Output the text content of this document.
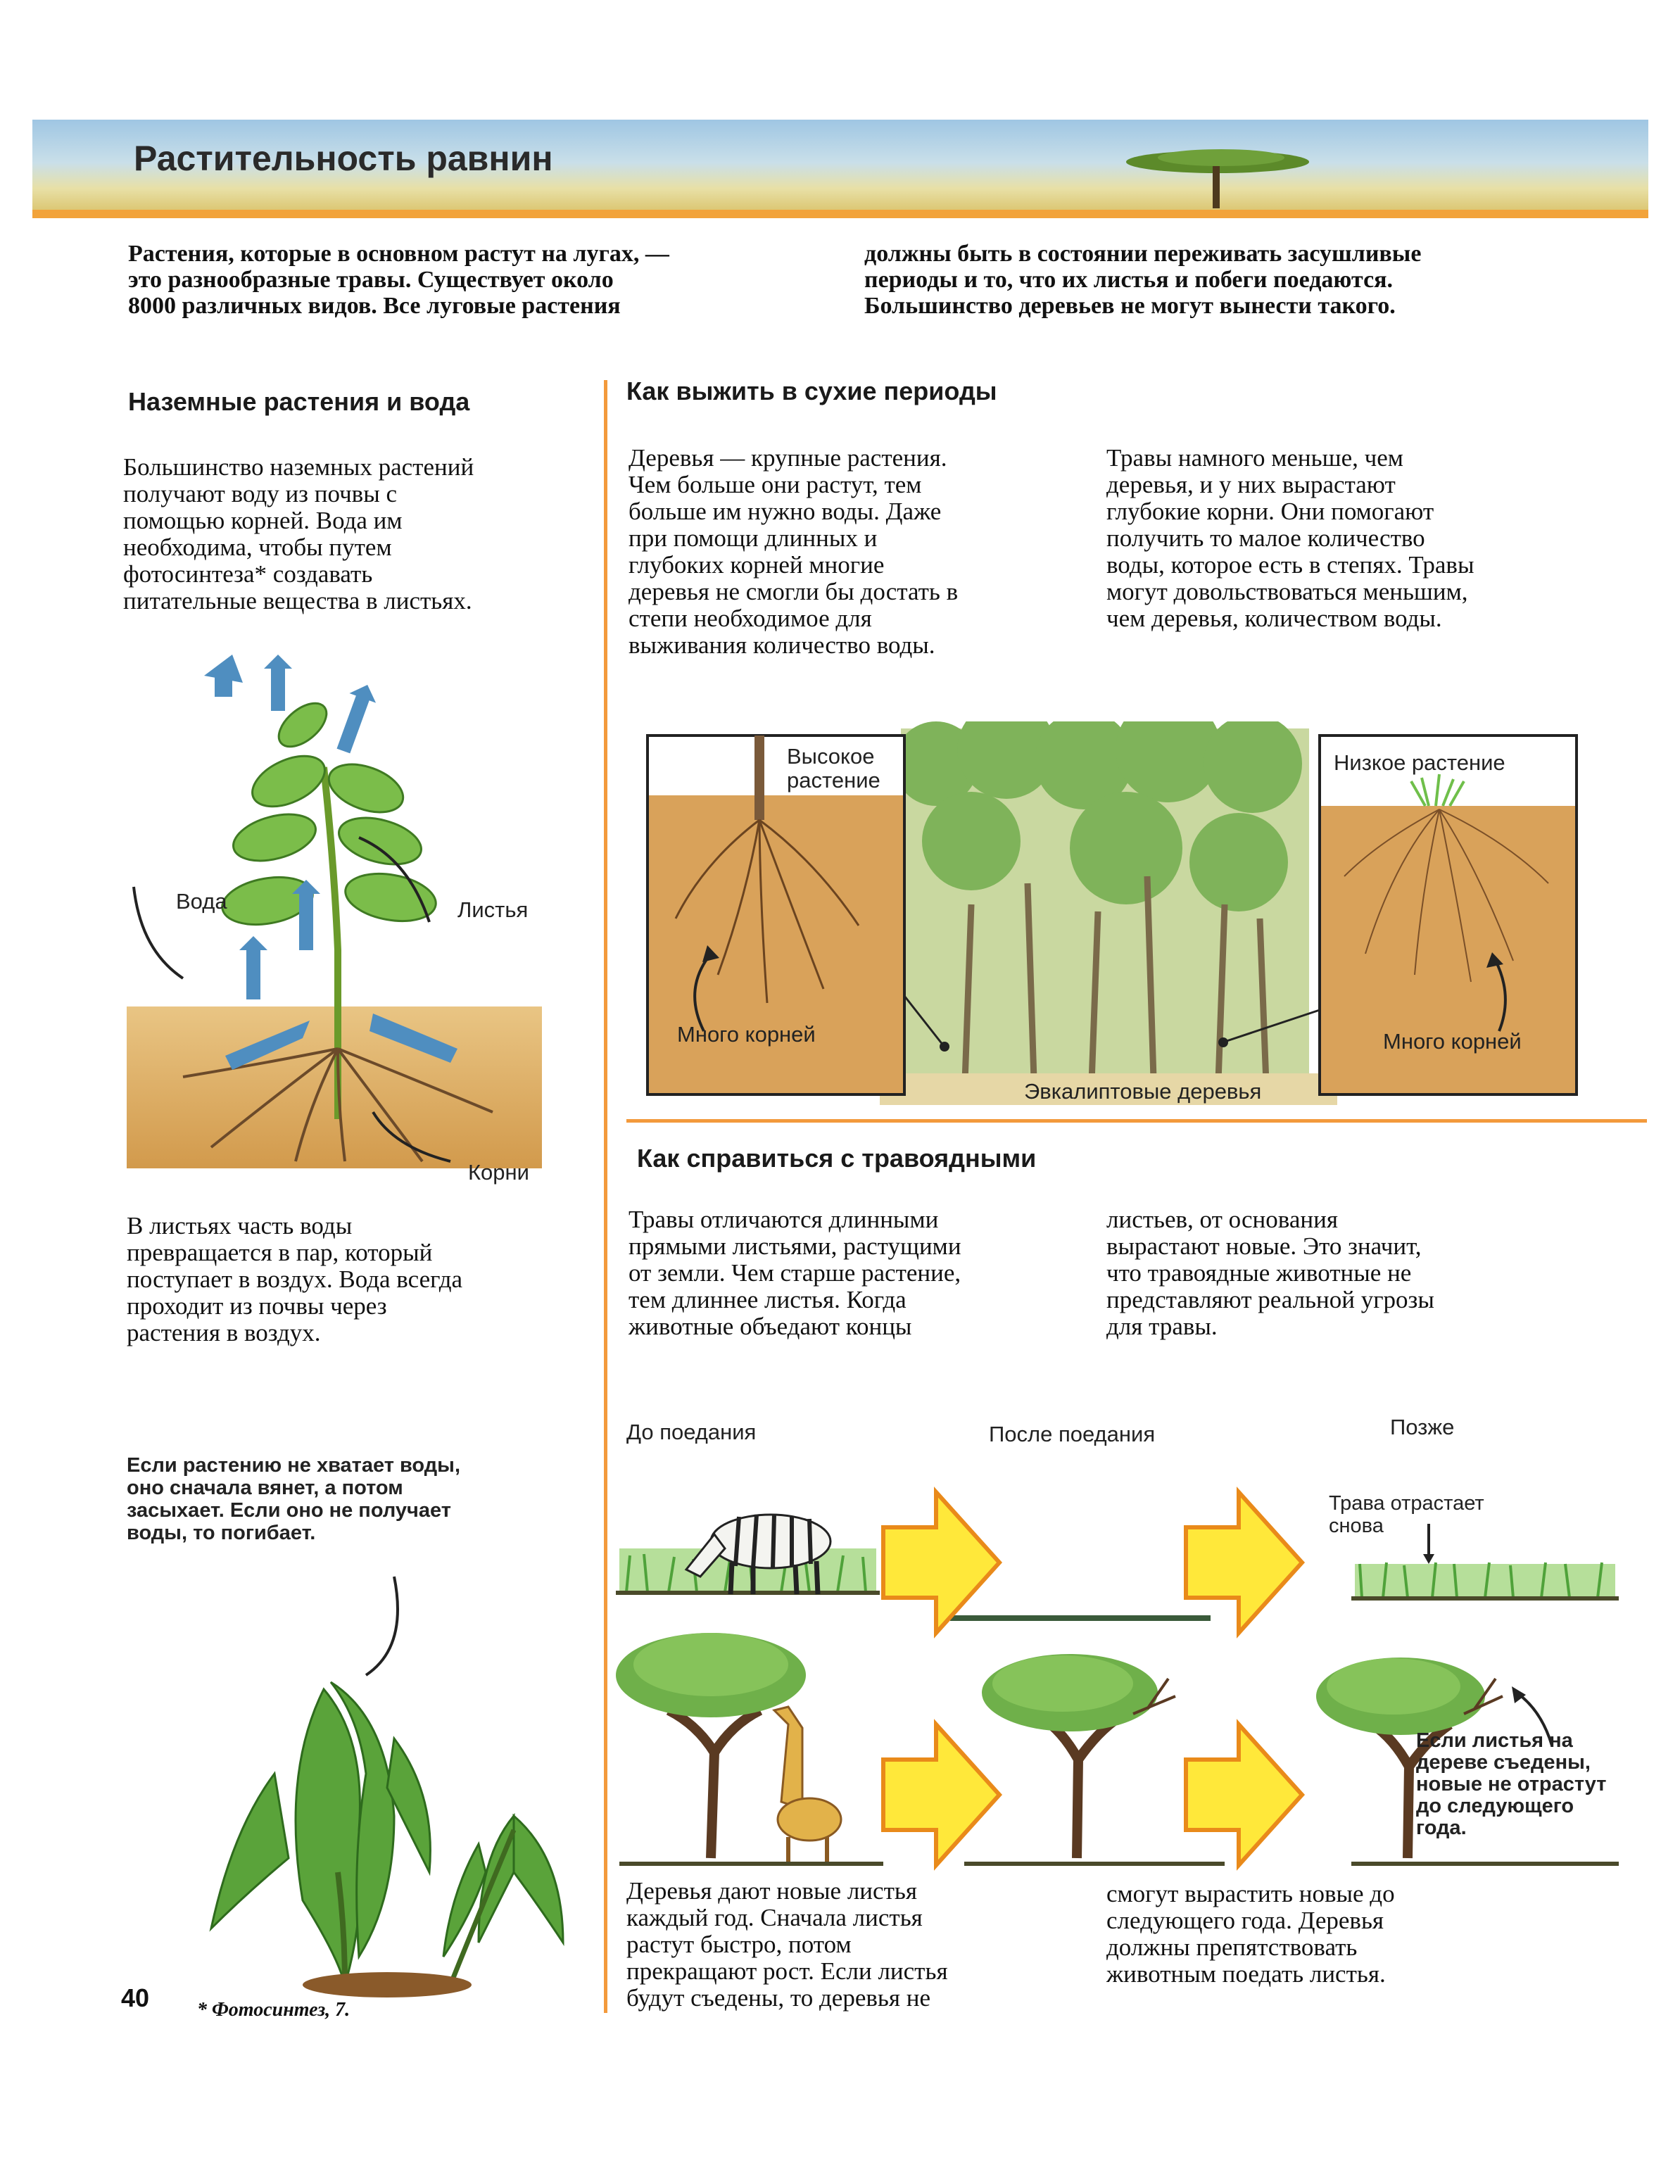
Растительность равнин
Растения, которые в основном растут на лугах, —
это разнообразные травы. Существует около
8000 различных видов. Все луговые растения
должны быть в состоянии переживать засушливые
периоды и то, что их листья и побеги поедаются.
Большинство деревьев не могут вынести такого.
Наземные растения и вода
Большинство наземных растений
получают воду из почвы с
помощью корней. Вода им
необходима, чтобы путем
фотосинтеза* создавать
питательные вещества в листьях.
Вода	Листья
Корни
В листьях часть воды
превращается в пар, который
поступает в воздух. Вода всегда
проходит из почвы через
растения в воздух.
Если растению не хватает воды,
оно сначала вянет, а потом
засыхает. Если оно не получает
воды, то погибает.
Как выжить в сухие периоды
Деревья — крупные растения.
Чем больше они растут, тем
больше им нужно воды. Даже
при помощи длинных и
глубоких корней многие
деревья не смогли бы достать в
степи необходимое для
выживания количество воды.
Травы намного меньше, чем
деревья, и у них вырастают
глубокие корни. Они помогают
получить то малое количество
воды, которое есть в степях. Травы
могут довольствоваться меньшим,
чем деревья, количеством воды.
Высокое
растение
Низкое растение
Много корней	Много корней
Эвкалиптовые деревья
Как справиться с травоядными
Травы отличаются длинными
прямыми листьями, растущими
от земли. Чем старше растение,
тем длиннее листья. Когда
животные объедают концы
листьев, от основания
вырастают новые. Это значит,
что травоядные животные не
представляют реальной угрозы
для травы.
До поедания	После поедания	Позже
Трава отрастает
снова
Если листья на
дереве съедены,
новые не отрастут
до следующего
года.
Деревья дают новые листья
каждый год. Сначала листья
растут быстро, потом
прекращают рост. Если листья
будут съедены, то деревья не
смогут вырастить новые до
следующего года. Деревья
должны препятствовать
животным поедать листья.
40 * Фотосинтез, 7.
